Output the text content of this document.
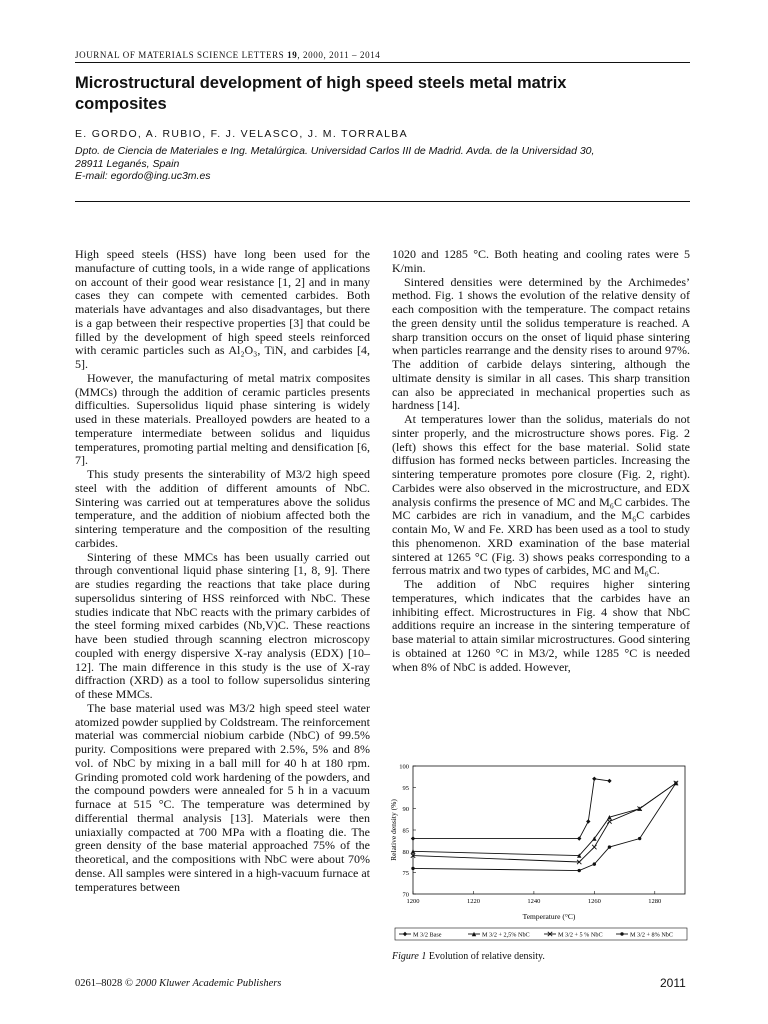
JOURNAL OF MATERIALS SCIENCE LETTERS 19, 2000, 2011 – 2014
Microstructural development of high speed steels metal matrix composites
E. GORDO, A. RUBIO, F. J. VELASCO, J. M. TORRALBA
Dpto. de Ciencia de Materiales e Ing. Metalúrgica. Universidad Carlos III de Madrid. Avda. de la Universidad 30,
28911 Leganés, Spain
E-mail: egordo@ing.uc3m.es

High speed steels (HSS) have long been used for the manufacture of cutting tools, in a wide range of applications on account of their good wear resistance [1, 2] and in many cases they can compete with cemented carbides. Both materials have advantages and also disadvantages, but there is a gap between their respective properties [3] that could be filled by the development of high speed steels reinforced with ceramic particles such as Al₂O₃, TiN, and carbides [4, 5].

However, the manufacturing of metal matrix composites (MMCs) through the addition of ceramic particles presents difficulties. Supersolidus liquid phase sintering is widely used in these materials. Prealloyed powders are heated to a temperature intermediate between solidus and liquidus temperatures, promoting partial melting and densification [6, 7].

This study presents the sinterability of M3/2 high speed steel with the addition of different amounts of NbC. Sintering was carried out at temperatures above the solidus temperature, and the addition of niobium affected both the sintering temperature and the composition of the resulting carbides.

Sintering of these MMCs has been usually carried out through conventional liquid phase sintering [1, 8, 9]. There are studies regarding the reactions that take place during supersolidus sintering of HSS reinforced with NbC. These studies indicate that NbC reacts with the primary carbides of the steel forming mixed carbides (Nb,V)C. These reactions have been studied through scanning electron microscopy coupled with energy dispersive X-ray analysis (EDX) [10–12]. The main difference in this study is the use of X-ray diffraction (XRD) as a tool to follow supersolidus sintering of these MMCs.

The base material used was M3/2 high speed steel water atomized powder supplied by Coldstream. The reinforcement material was commercial niobium carbide (NbC) of 99.5% purity. Compositions were prepared with 2.5%, 5% and 8% vol. of NbC by mixing in a ball mill for 40 h at 180 rpm. Grinding promoted cold work hardening of the powders, and the compound powders were annealed for 5 h in a vacuum furnace at 515 °C. The temperature was determined by differential thermal analysis [13]. Materials were then uniaxially compacted at 700 MPa with a floating die. The green density of the base material approached 75% of the theoretical, and the compositions with NbC were about 70% dense. All samples were sintered in a high-vacuum furnace at temperatures between

1020 and 1285 °C. Both heating and cooling rates were 5 K/min.

Sintered densities were determined by the Archimedes’ method. Fig. 1 shows the evolution of the relative density of each composition with the temperature. The compact retains the green density until the solidus temperature is reached. A sharp transition occurs on the onset of liquid phase sintering when particles rearrange and the density rises to around 97%. The addition of carbide delays sintering, although the ultimate density is similar in all cases. This sharp transition can also be appreciated in mechanical properties such as hardness [14].

At temperatures lower than the solidus, materials do not sinter properly, and the microstructure shows pores. Fig. 2 (left) shows this effect for the base material. Solid state diffusion has formed necks between particles. Increasing the sintering temperature promotes pore closure (Fig. 2, right). Carbides were also observed in the microstructure, and EDX analysis confirms the presence of MC and M₆C carbides. The MC carbides are rich in vanadium, and the M₆C carbides contain Mo, W and Fe. XRD has been used as a tool to study this phenomenon. XRD examination of the base material sintered at 1265 °C (Fig. 3) shows peaks corresponding to a ferrous matrix and two types of carbides, MC and M₆C.

The addition of NbC requires higher sintering temperatures, which indicates that the carbides have an inhibiting effect. Microstructures in Fig. 4 show that NbC additions require an increase in the sintering temperature of base material to attain similar microstructures. Good sintering is obtained at 1260 °C in M3/2, while 1285 °C is needed when 8% of NbC is added. However,

Relative density (%)
Temperature (°C)
70
75
80
85
90
95
100
1200	1220	1240	1260	1280
M 3/2 Base	M 3/2 + 2,5% NbC	M 3/2 + 5 % NbC	M 3/2 + 8% NbC
Figure 1 Evolution of relative density.
0261–8028 © 2000 Kluwer Academic Publishers	2011
